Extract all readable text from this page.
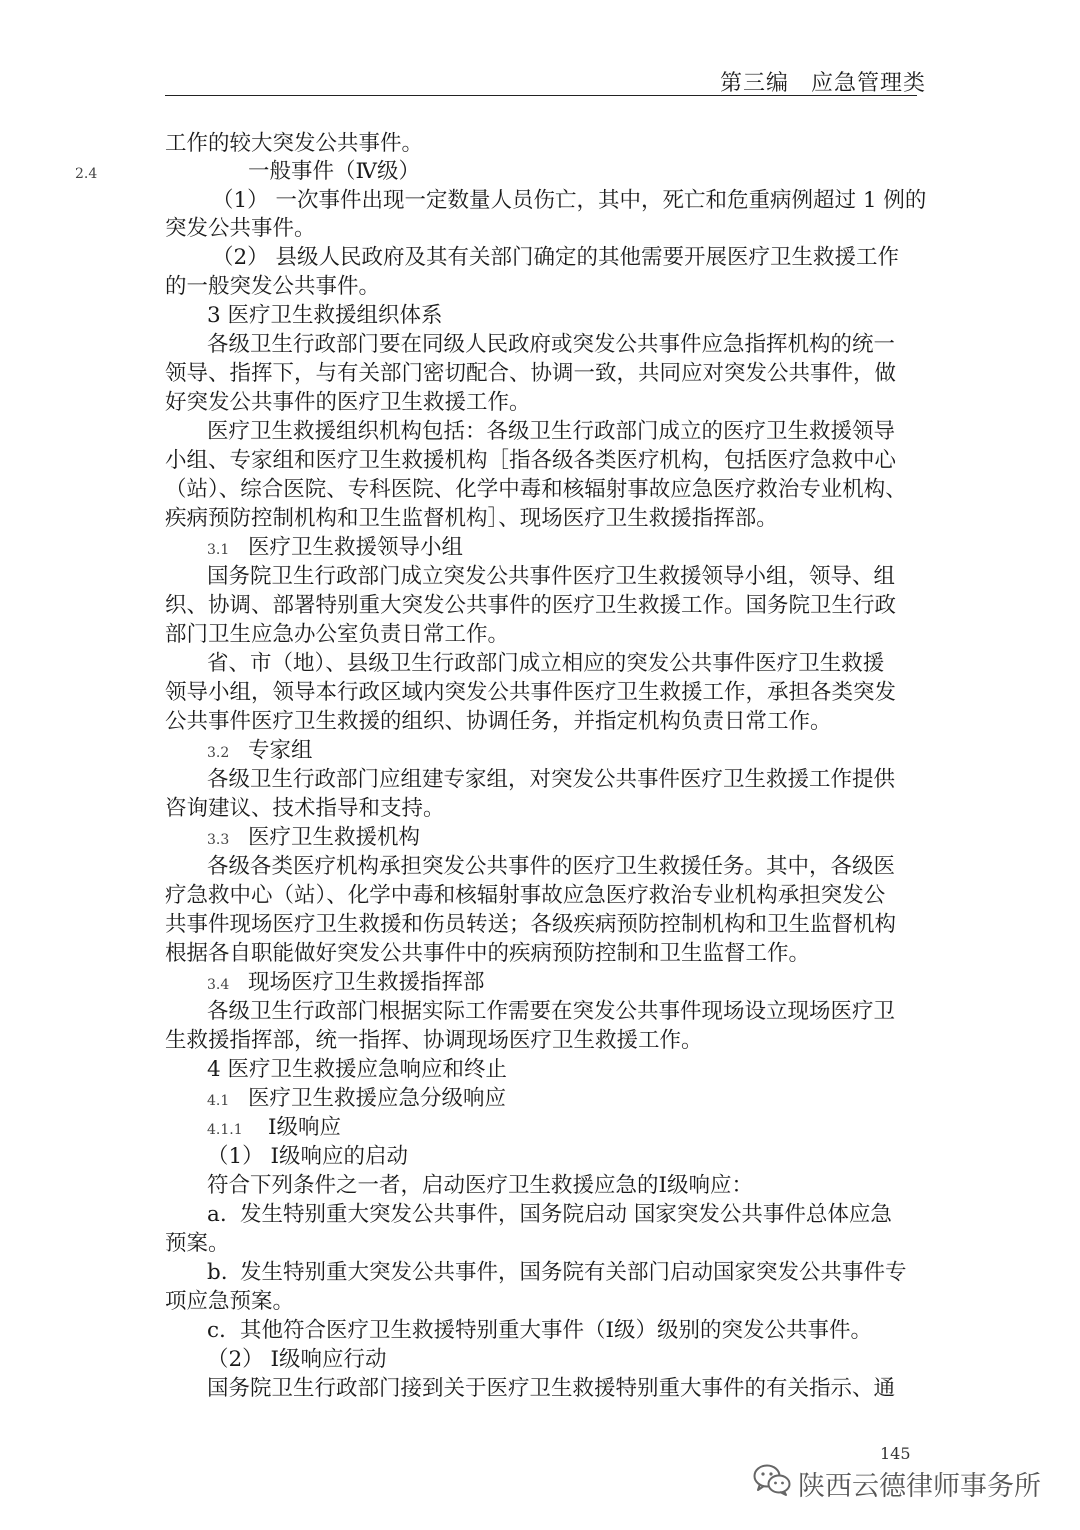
第三编 应急管理类
工作的较大突发公共事件。
2.4	一般事件（Ⅳ级）
（1） 一次事件出现一定数量人员伤亡，其中，死亡和危重病例超过 1 例的
突发公共事件。
（2） 县级人民政府及其有关部门确定的其他需要开展医疗卫生救援工作
的一般突发公共事件。
3 医疗卫生救援组织体系
各级卫生行政部门要在同级人民政府或突发公共事件应急指挥机构的统一
领导、指挥下，与有关部门密切配合、协调一致，共同应对突发公共事件，做
好突发公共事件的医疗卫生救援工作。
医疗卫生救援组织机构包括：各级卫生行政部门成立的医疗卫生救援领导
小组、专家组和医疗卫生救援机构［指各级各类医疗机构，包括医疗急救中心
（站）、综合医院、专科医院、化学中毒和核辐射事故应急医疗救治专业机构、
疾病预防控制机构和卫生监督机构］、现场医疗卫生救援指挥部。
3.1 医疗卫生救援领导小组
国务院卫生行政部门成立突发公共事件医疗卫生救援领导小组，领导、组
织、协调、部署特别重大突发公共事件的医疗卫生救援工作。国务院卫生行政
部门卫生应急办公室负责日常工作。
省、市（地）、县级卫生行政部门成立相应的突发公共事件医疗卫生救援
领导小组，领导本行政区域内突发公共事件医疗卫生救援工作，承担各类突发
公共事件医疗卫生救援的组织、协调任务，并指定机构负责日常工作。
3.2 专家组
各级卫生行政部门应组建专家组，对突发公共事件医疗卫生救援工作提供
咨询建议、技术指导和支持。
3.3 医疗卫生救援机构
各级各类医疗机构承担突发公共事件的医疗卫生救援任务。其中，各级医
疗急救中心（站）、化学中毒和核辐射事故应急医疗救治专业机构承担突发公
共事件现场医疗卫生救援和伤员转送；各级疾病预防控制机构和卫生监督机构
根据各自职能做好突发公共事件中的疾病预防控制和卫生监督工作。
3.4 现场医疗卫生救援指挥部
各级卫生行政部门根据实际工作需要在突发公共事件现场设立现场医疗卫
生救援指挥部，统一指挥、协调现场医疗卫生救援工作。
4 医疗卫生救援应急响应和终止
4.1 医疗卫生救援应急分级响应
4.1.1 Ⅰ级响应
（1） Ⅰ级响应的启动
符合下列条件之一者，启动医疗卫生救援应急的Ⅰ级响应：
a. 发生特别重大突发公共事件，国务院启动 国家突发公共事件总体应急
预案。
b. 发生特别重大突发公共事件，国务院有关部门启动国家突发公共事件专
项应急预案。
c. 其他符合医疗卫生救援特别重大事件（Ⅰ级）级别的突发公共事件。
（2） Ⅰ级响应行动
国务院卫生行政部门接到关于医疗卫生救援特别重大事件的有关指示、通
145
陕西云德律师事务所
